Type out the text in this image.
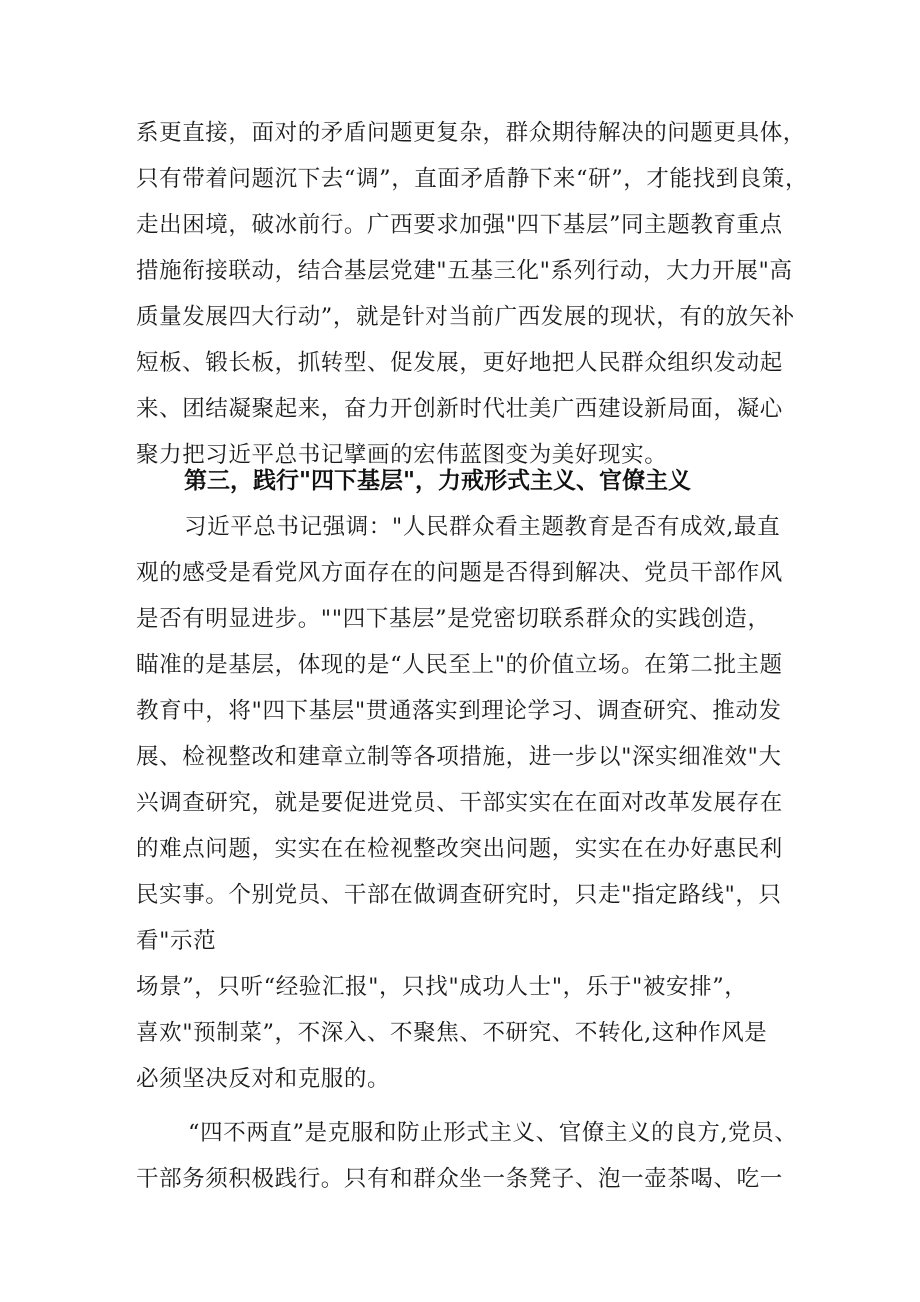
系更直接，面对的矛盾问题更复杂，群众期待解决的问题更具体，
只有带着问题沉下去“调”，直面矛盾静下来“研”，才能找到良策，
走出困境，破冰前行。广西要求加强"四下基层”同主题教育重点
措施衔接联动，结合基层党建"五基三化"系列行动，大力开展"高
质量发展四大行动”，就是针对当前广西发展的现状，有的放矢补
短板、锻长板，抓转型、促发展，更好地把人民群众组织发动起
来、团结凝聚起来，奋力开创新时代壮美广西建设新局面，凝心
聚力把习近平总书记擘画的宏伟蓝图变为美好现实。
第三，践行"四下基层"，力戒形式主义、官僚主义
习近平总书记强调："人民群众看主题教育是否有成效,最直
观的感受是看党风方面存在的问题是否得到解决、党员干部作风
是否有明显进步。""四下基层”是党密切联系群众的实践创造，
瞄准的是基层，体现的是“人民至上"的价值立场。在第二批主题
教育中，将"四下基层"贯通落实到理论学习、调查研究、推动发
展、检视整改和建章立制等各项措施，进一步以"深实细准效"大
兴调查研究，就是要促进党员、干部实实在在面对改革发展存在
的难点问题，实实在在检视整改突出问题，实实在在办好惠民利
民实事。个别党员、干部在做调查研究时，只走"指定路线"，只
看"示范
场景”，只听“经验汇报"，只找"成功人士"，乐于"被安排”，
喜欢"预制菜”，不深入、不聚焦、不研究、不转化,这种作风是
必须坚决反对和克服的。
“四不两直”是克服和防止形式主义、官僚主义的良方,党员、
干部务须积极践行。只有和群众坐一条凳子、泡一壶茶喝、吃一
